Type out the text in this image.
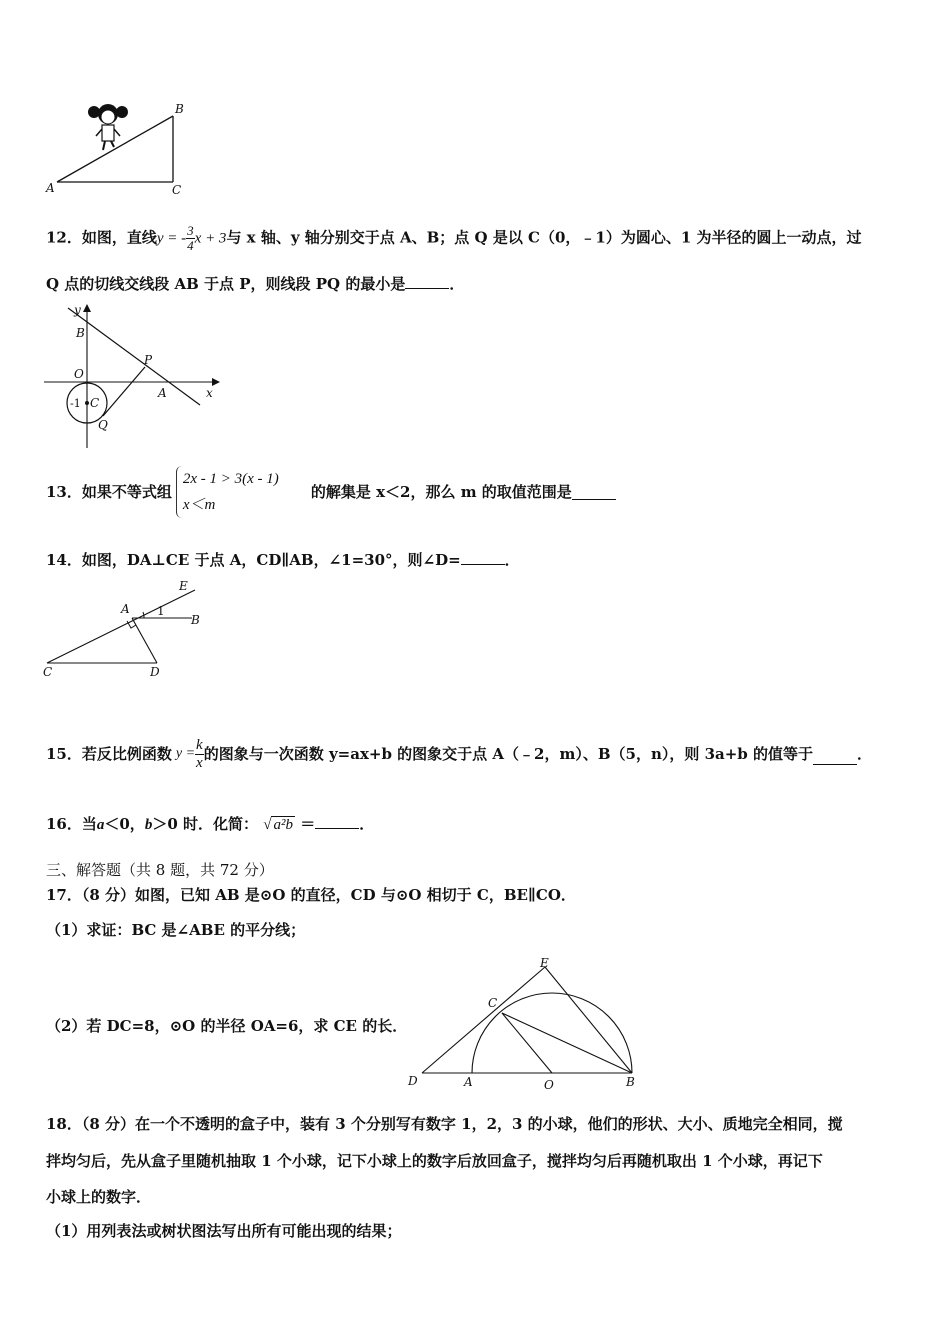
A
B
C
12．如图，直线y = - $\frac{3}{4}$ x + 3与 x 轴、y 轴分别交于点 A、B；点 Q 是以 C（0，﹣1）为圆心、1 为半径的圆上一动点，过
Q 点的切线交线段 AB 于点 P，则线段 PQ 的最小是	．
y
B
P
O
A	x
-1 C
Q
13．如果不等式组
2x - 1 > 3(x - 1)
x＜m
的解集是 x＜2，那么 m 的取值范围是
14．如图，DA⊥CE 于点 A，CD∥AB，∠1=30°，则∠D=	．
E
A 1
B
C	D
15．若反比例函数 $y = \frac{k}{x}$ 的图象与一次函数 y=ax+b 的图象交于点 A（﹣2，m）、B（5，n），则 3a+b 的值等于	．
16．当a＜0，b＞0 时．化简： √ a²b ＝	．
三、解答题（共 8 题，共 72 分）
17．（8 分）如图，已知 AB 是⊙O 的直径，CD 与⊙O 相切于 C，BE∥CO．
（1）求证：BC 是∠ABE 的平分线；
（2）若 DC=8，⊙O 的半径 OA=6，求 CE 的长．
E
C
D	A	O	B
18．（8 分）在一个不透明的盒子中，装有 3 个分别写有数字 1，2，3 的小球，他们的形状、大小、质地完全相同，搅
拌均匀后，先从盒子里随机抽取 1 个小球，记下小球上的数字后放回盒子，搅拌均匀后再随机取出 1 个小球，再记下
小球上的数字．
（1）用列表法或树状图法写出所有可能出现的结果；
